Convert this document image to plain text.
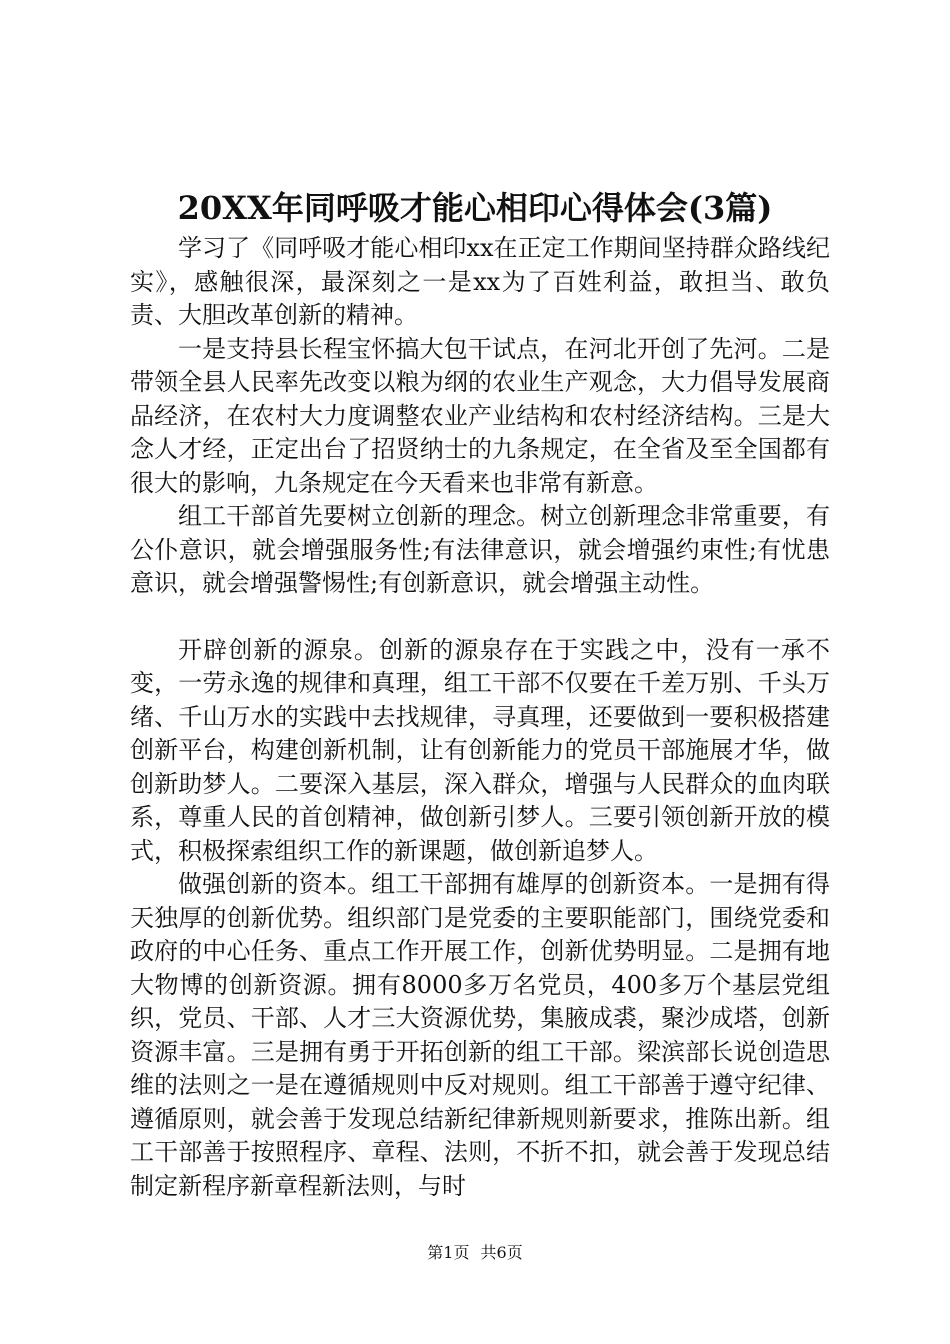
20XX年同呼吸才能心相印心得体会(3篇)

学习了《同呼吸才能心相印xx在正定工作期间坚持群众路线纪实》，感触很深，最深刻之一是xx为了百姓利益，敢担当、敢负责、大胆改革创新的精神。

一是支持县长程宝怀搞大包干试点，在河北开创了先河。二是带领全县人民率先改变以粮为纲的农业生产观念，大力倡导发展商品经济，在农村大力度调整农业产业结构和农村经济结构。三是大念人才经，正定出台了招贤纳士的九条规定，在全省及至全国都有很大的影响，九条规定在今天看来也非常有新意。

组工干部首先要树立创新的理念。树立创新理念非常重要，有公仆意识，就会增强服务性;有法律意识，就会增强约束性;有忧患意识，就会增强警惕性;有创新意识，就会增强主动性。

开辟创新的源泉。创新的源泉存在于实践之中，没有一承不变，一劳永逸的规律和真理，组工干部不仅要在千差万别、千头万绪、千山万水的实践中去找规律，寻真理，还要做到一要积极搭建创新平台，构建创新机制，让有创新能力的党员干部施展才华，做创新助梦人。二要深入基层，深入群众，增强与人民群众的血肉联系，尊重人民的首创精神，做创新引梦人。三要引领创新开放的模式，积极探索组织工作的新课题，做创新追梦人。

做强创新的资本。组工干部拥有雄厚的创新资本。一是拥有得天独厚的创新优势。组织部门是党委的主要职能部门，围绕党委和政府的中心任务、重点工作开展工作，创新优势明显。二是拥有地大物博的创新资源。拥有8000多万名党员，400多万个基层党组织，党员、干部、人才三大资源优势，集腋成裘，聚沙成塔，创新资源丰富。三是拥有勇于开拓创新的组工干部。梁滨部长说创造思维的法则之一是在遵循规则中反对规则。组工干部善于遵守纪律、遵循原则，就会善于发现总结新纪律新规则新要求，推陈出新。组工干部善于按照程序、章程、法则，不折不扣，就会善于发现总结制定新程序新章程新法则，与时

第1页 共6页
